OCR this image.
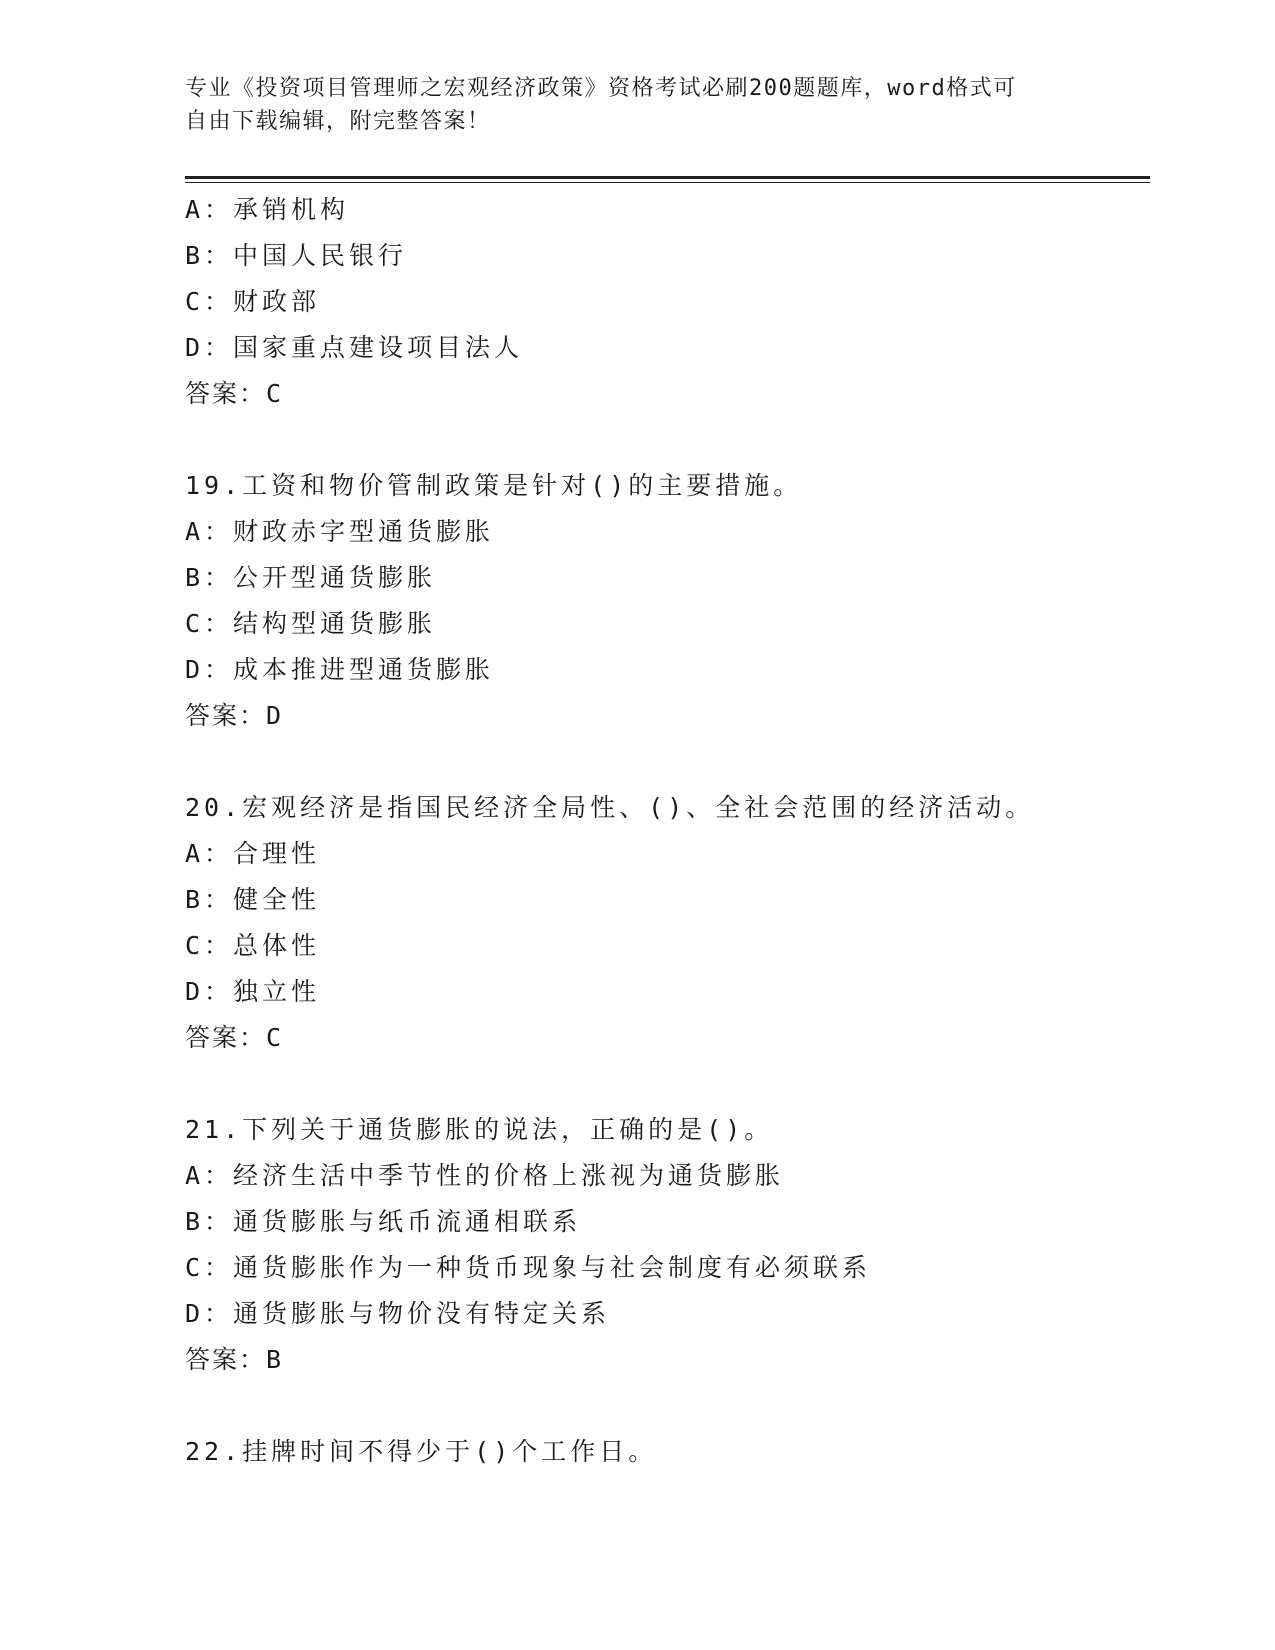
专业《投资项目管理师之宏观经济政策》资格考试必刷200题题库，word格式可
自由下载编辑，附完整答案！
A：承销机构
B：中国人民银行
C：财政部
D：国家重点建设项目法人
答案：C
19.工资和物价管制政策是针对()的主要措施。
A：财政赤字型通货膨胀
B：公开型通货膨胀
C：结构型通货膨胀
D：成本推进型通货膨胀
答案：D
20.宏观经济是指国民经济全局性、()、全社会范围的经济活动。
A：合理性
B：健全性
C：总体性
D：独立性
答案：C
21.下列关于通货膨胀的说法，正确的是()。
A：经济生活中季节性的价格上涨视为通货膨胀
B：通货膨胀与纸币流通相联系
C：通货膨胀作为一种货币现象与社会制度有必须联系
D：通货膨胀与物价没有特定关系
答案：B
22.挂牌时间不得少于()个工作日。
